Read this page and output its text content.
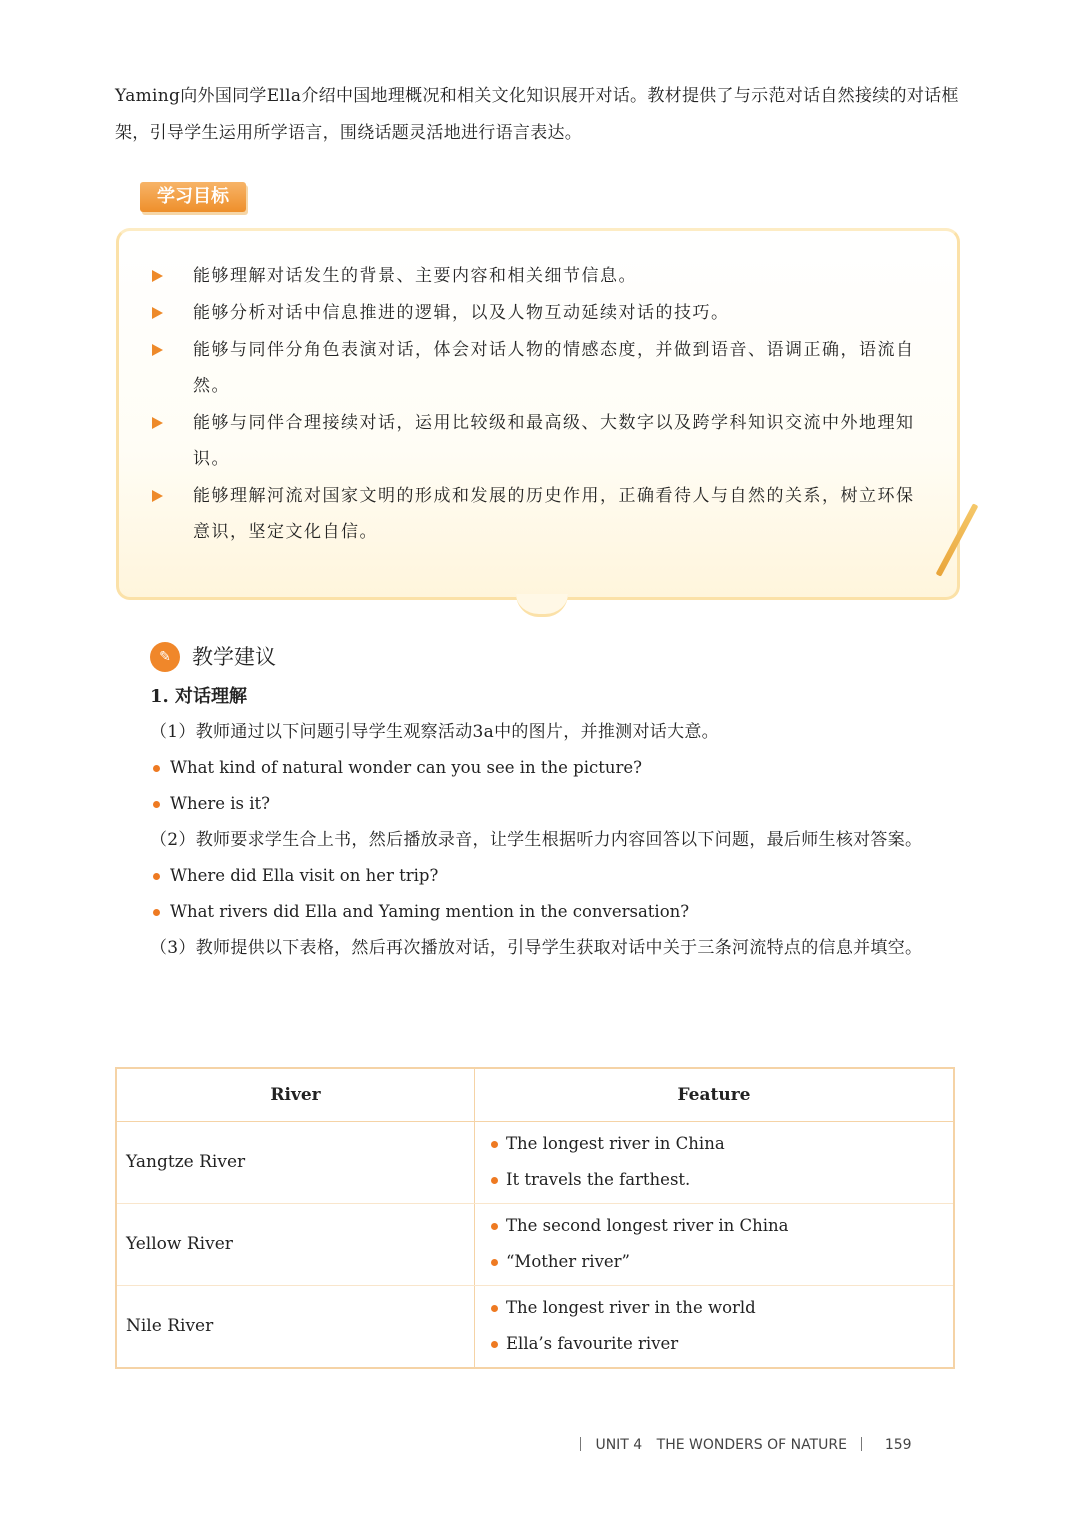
Yaming向外国同学Ella介绍中国地理概况和相关文化知识展开对话。教材提供了与示范对话自然接续的对话框架，引导学生运用所学语言，围绕话题灵活地进行语言表达。
学习目标
能够理解对话发生的背景、主要内容和相关细节信息。
能够分析对话中信息推进的逻辑，以及人物互动延续对话的技巧。
能够与同伴分角色表演对话，体会对话人物的情感态度，并做到语音、语调正确，语流自然。
能够与同伴合理接续对话，运用比较级和最高级、大数字以及跨学科知识交流中外地理知识。
能够理解河流对国家文明的形成和发展的历史作用，正确看待人与自然的关系，树立环保意识，坚定文化自信。
✎	教学建议
1. 对话理解
（1）教师通过以下问题引导学生观察活动3a中的图片，并推测对话大意。
What kind of natural wonder can you see in the picture?
Where is it?
（2）教师要求学生合上书，然后播放录音，让学生根据听力内容回答以下问题，最后师生核对答案。
Where did Ella visit on her trip?
What rivers did Ella and Yaming mention in the conversation?
（3）教师提供以下表格，然后再次播放对话，引导学生获取对话中关于三条河流特点的信息并填空。
River	Feature
Yangtze River	The longest river in China
It travels the farthest.

Yellow River	The second longest river in China
“Mother river”

Nile River	The longest river in the world
Ella’s favourite river
UNIT 4 THE WONDERS OF NATURE	159
